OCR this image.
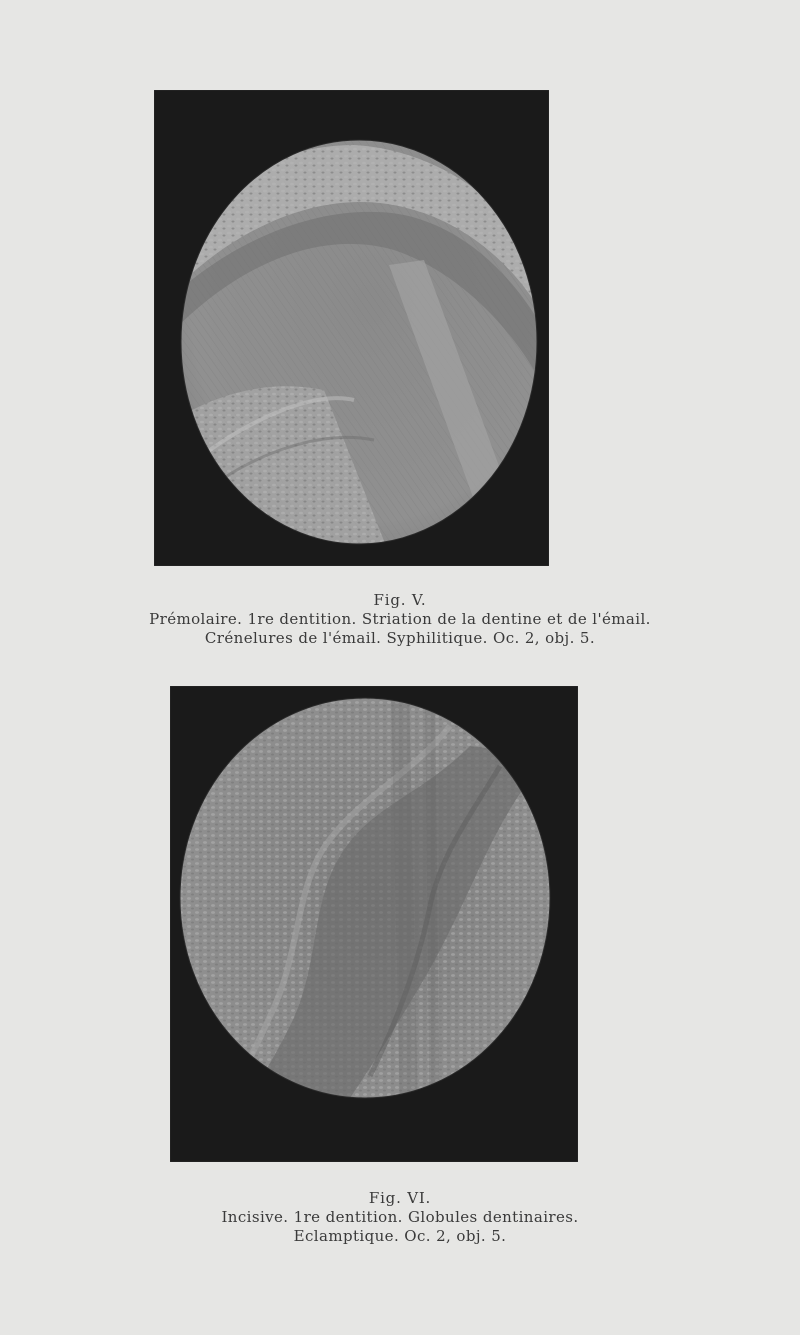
Fig. V.
Prémolaire. 1re dentition. Striation de la dentine et de l'émail.
Crénelures de l'émail. Syphilitique. Oc. 2, obj. 5.
Fig. VI.
Incisive. 1re dentition. Globules dentinaires.
Eclamptique. Oc. 2, obj. 5.
